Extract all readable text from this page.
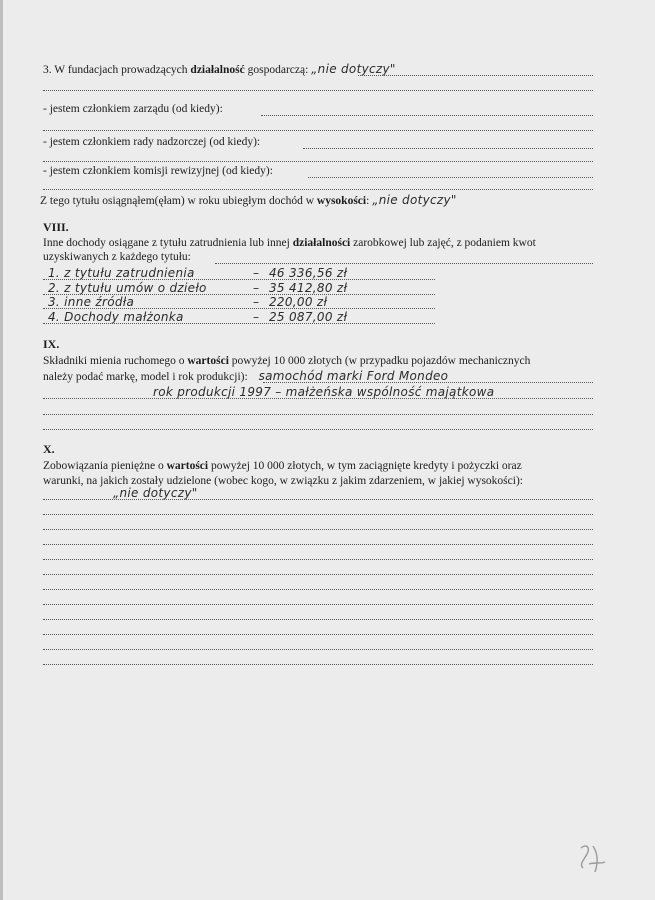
3. W fundacjach prowadzących działalność gospodarczą: „nie dotyczy"
- jestem członkiem zarządu (od kiedy):
- jestem członkiem rady nadzorczej (od kiedy):
- jestem członkiem komisji rewizyjnej (od kiedy):
Z tego tytułu osiągnąłem(ęłam) w roku ubiegłym dochód w wysokości: „nie dotyczy"
VIII.
Inne dochody osiągane z tytułu zatrudnienia lub innej działalności zarobkowej lub zajęć, z podaniem kwot
uzyskiwanych z każdego tytułu:
1. z tytułu zatrudnienia	– 46 336,56 zł
2. z tytułu umów o dzieło	– 35 412,80 zł
3. inne źródła	– 220,00 zł
4. Dochody małżonka	– 25 087,00 zł
IX.
Składniki mienia ruchomego o wartości powyżej 10 000 złotych (w przypadku pojazdów mechanicznych
należy podać markę, model i rok produkcji): samochód marki Ford Mondeo
rok produkcji 1997 – małżeńska wspólność majątkowa
X.
Zobowiązania pieniężne o wartości powyżej 10 000 złotych, w tym zaciągnięte kredyty i pożyczki oraz
warunki, na jakich zostały udzielone (wobec kogo, w związku z jakim zdarzeniem, w jakiej wysokości):
„nie dotyczy"
